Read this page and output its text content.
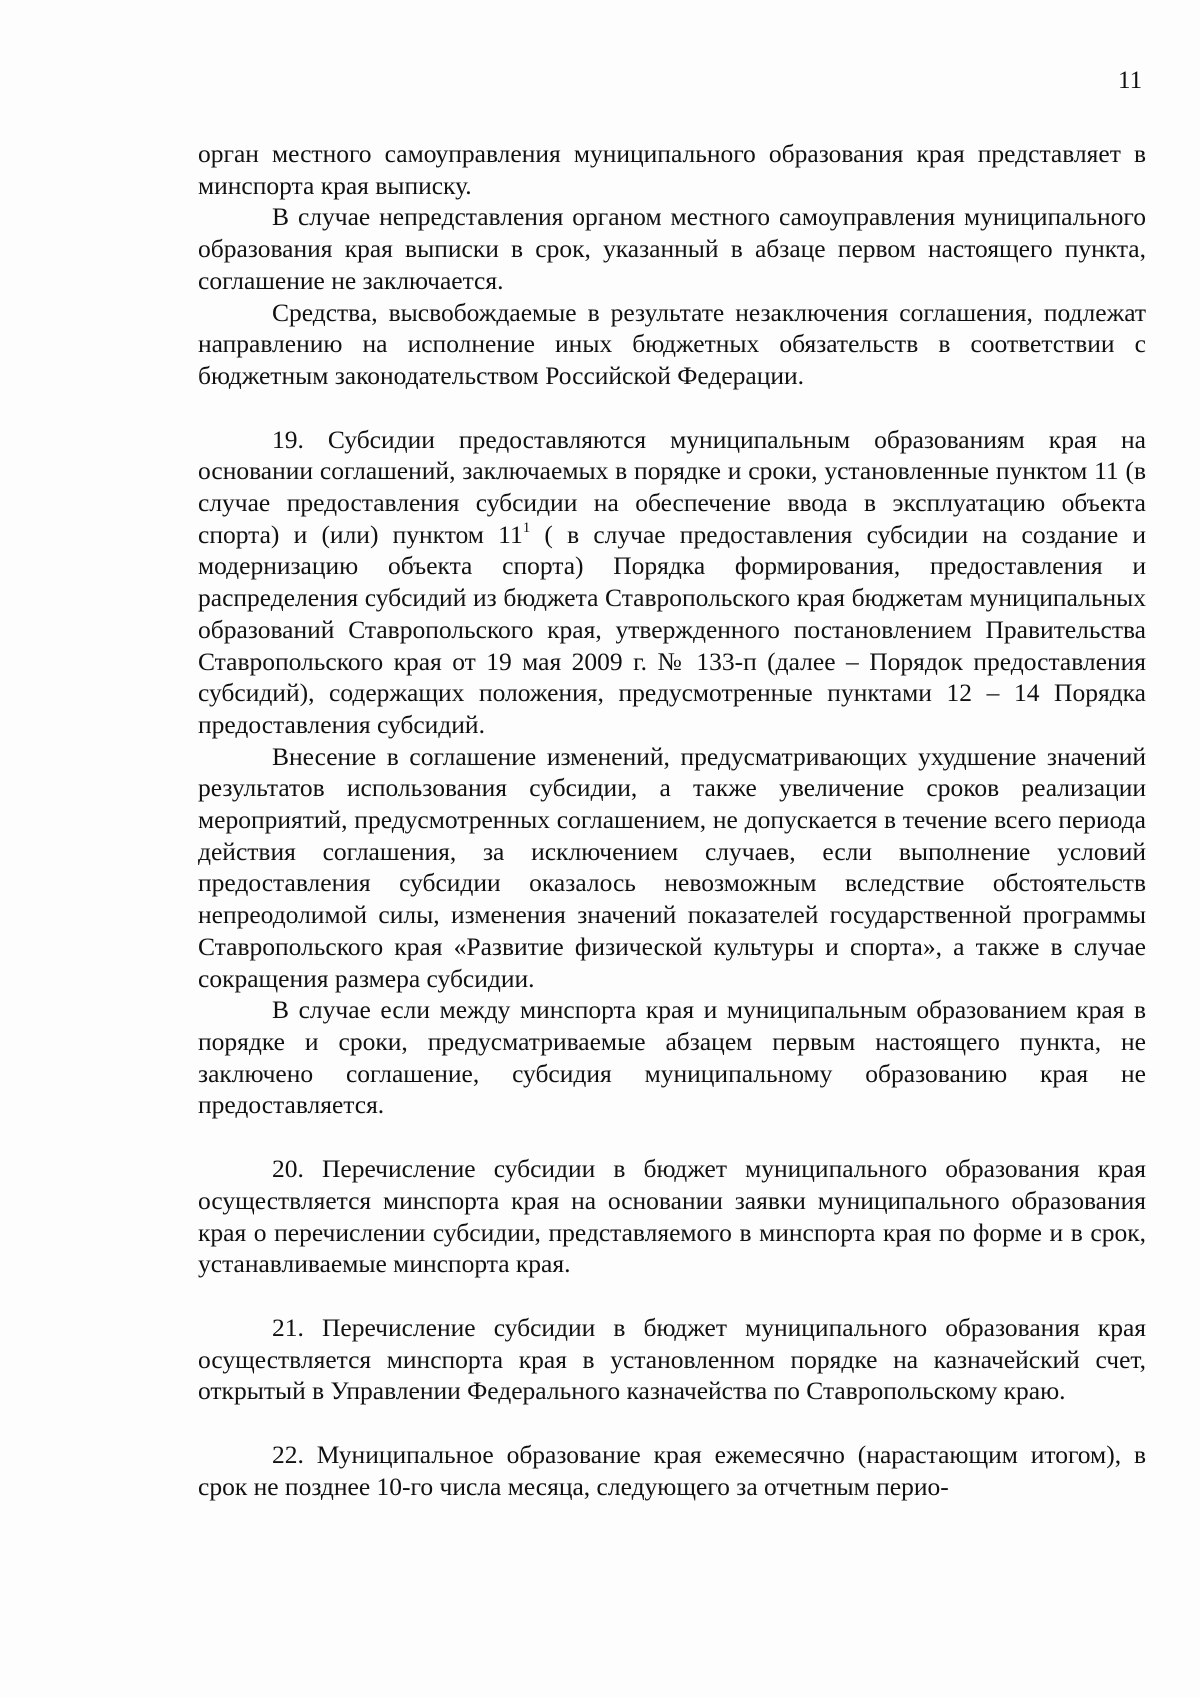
11

орган местного самоуправления муниципального образования края представляет в минспорта края выписку.

В случае непредставления органом местного самоуправления муниципального образования края выписки в срок, указанный в абзаце первом настоящего пункта, соглашение не заключается.

Средства, высвобождаемые в результате незаключения соглашения, подлежат направлению на исполнение иных бюджетных обязательств в соответствии с бюджетным законодательством Российской Федерации.

19. Субсидии предоставляются муниципальным образованиям края на основании соглашений, заключаемых в порядке и сроки, установленные пунктом 11 (в случае предоставления субсидии на обеспечение ввода в эксплуатацию объекта спорта) и (или) пунктом $11^1$ ( в случае предоставления субсидии на создание и модернизацию объекта спорта) Порядка формирования, предоставления и распределения субсидий из бюджета Ставропольского края бюджетам муниципальных образований Ставропольского края, утвержденного постановлением Правительства Ставропольского края от 19 мая 2009 г. № 133-п (далее – Порядок предоставления субсидий), содержащих положения, предусмотренные пунктами 12 – 14 Порядка предоставления субсидий.

Внесение в соглашение изменений, предусматривающих ухудшение значений результатов использования субсидии, а также увеличение сроков реализации мероприятий, предусмотренных соглашением, не допускается в течение всего периода действия соглашения, за исключением случаев, если выполнение условий предоставления субсидии оказалось невозможным вследствие обстоятельств непреодолимой силы, изменения значений показателей государственной программы Ставропольского края «Развитие физической культуры и спорта», а также в случае сокращения размера субсидии.

В случае если между минспорта края и муниципальным образованием края в порядке и сроки, предусматриваемые абзацем первым настоящего пункта, не заключено соглашение, субсидия муниципальному образованию края не предоставляется.

20. Перечисление субсидии в бюджет муниципального образования края осуществляется минспорта края на основании заявки муниципального образования края о перечислении субсидии, представляемого в минспорта края по форме и в срок, устанавливаемые минспорта края.

21. Перечисление субсидии в бюджет муниципального образования края осуществляется минспорта края в установленном порядке на казначейский счет, открытый в Управлении Федерального казначейства по Ставропольскому краю.

22. Муниципальное образование края ежемесячно (нарастающим итогом), в срок не позднее 10-го числа месяца, следующего за отчетным перио-
